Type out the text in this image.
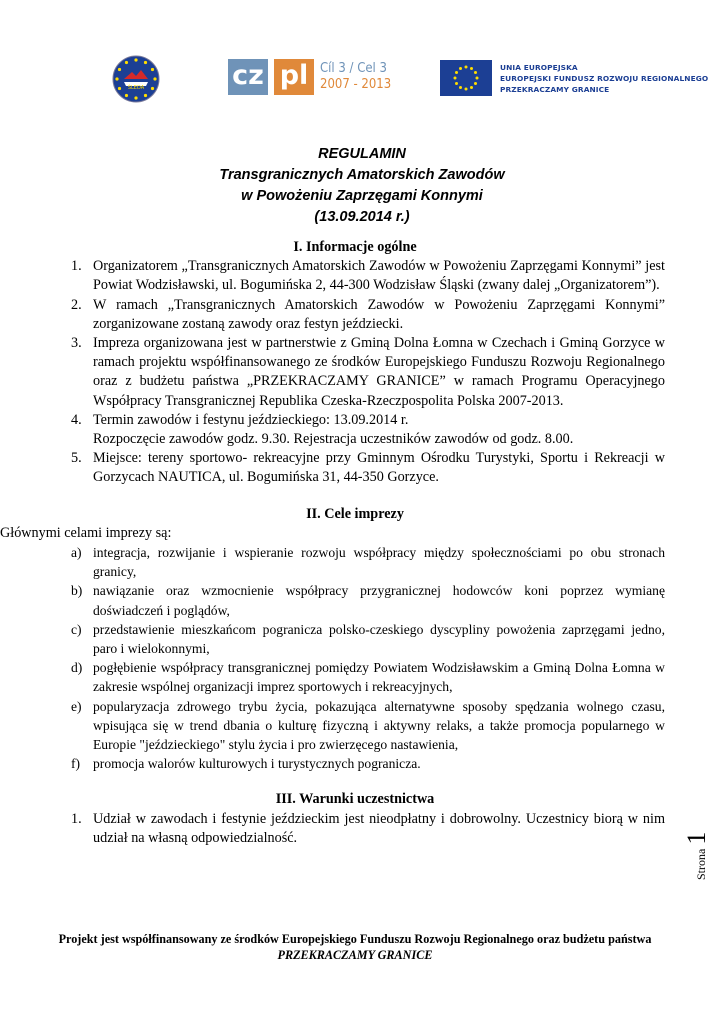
ŚLEDA	cz pl Cíl 3 / Cel 3
2007 - 2013
UNIA EUROPEJSKA
EUROPEJSKI FUNDUSZ ROZWOJU REGIONALNEGO
PRZEKRACZAMY GRANICE
REGULAMIN
Transgranicznych Amatorskich Zawodów
w Powożeniu Zaprzęgami Konnymi
(13.09.2014 r.)
I. Informacje ogólne
1. Organizatorem „Transgranicznych Amatorskich Zawodów w Powożeniu Zaprzęgami Konnymi” jest Powiat Wodzisławski, ul. Bogumińska 2, 44-300 Wodzisław Śląski (zwany dalej „Organizatorem”).
2. W ramach „Transgranicznych Amatorskich Zawodów w Powożeniu Zaprzęgami Konnymi” zorganizowane zostaną zawody oraz festyn jeździecki.
3. Impreza organizowana jest w partnerstwie z Gminą Dolna Łomna w Czechach i Gminą Gorzyce w ramach projektu współfinansowanego ze środków Europejskiego Funduszu Rozwoju Regionalnego oraz z budżetu państwa „PRZEKRACZAMY GRANICE” w ramach Programu Operacyjnego Współpracy Transgranicznej Republika Czeska-Rzeczpospolita Polska 2007-2013.
4. Termin zawodów i festynu jeździeckiego: 13.09.2014 r.
Rozpoczęcie zawodów godz. 9.30. Rejestracja uczestników zawodów od godz. 8.00.
5. Miejsce: tereny sportowo- rekreacyjne przy Gminnym Ośrodku Turystyki, Sportu i Rekreacji w Gorzycach NAUTICA, ul. Bogumińska 31, 44-350 Gorzyce.
II. Cele imprezy
Głównymi celami imprezy są:
a) integracja, rozwijanie i wspieranie rozwoju współpracy między społecznościami po obu stronach granicy,
b) nawiązanie oraz wzmocnienie współpracy przygranicznej hodowców koni poprzez wymianę doświadczeń i poglądów,
c) przedstawienie mieszkańcom pogranicza polsko-czeskiego dyscypliny powożenia zaprzęgami jedno, paro i wielokonnymi,
d) pogłębienie współpracy transgranicznej pomiędzy Powiatem Wodzisławskim a Gminą Dolna Łomna w zakresie wspólnej organizacji imprez sportowych i rekreacyjnych,
e) popularyzacja zdrowego trybu życia, pokazująca alternatywne sposoby spędzania wolnego czasu, wpisująca się w trend dbania o kulturę fizyczną i aktywny relaks, a także promocja popularnego w Europie "jeździeckiego" stylu życia i pro zwierzęcego nastawienia,
f) promocja walorów kulturowych i turystycznych pogranicza.
III. Warunki uczestnictwa
1. Udział w zawodach i festynie jeździeckim jest nieodpłatny i dobrowolny. Uczestnicy biorą w nim udział na własną odpowiedzialność.
Strona 1
Projekt jest współfinansowany ze środków Europejskiego Funduszu Rozwoju Regionalnego oraz budżetu państwa
PRZEKRACZAMY GRANICE
